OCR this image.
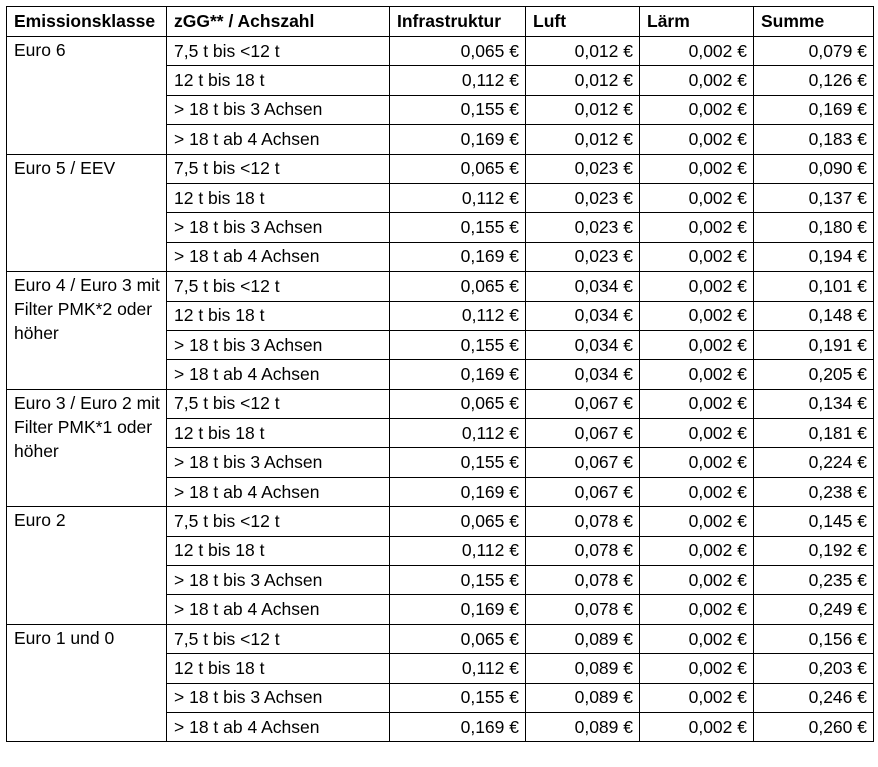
Emissionsklasse	zGG** / Achszahl	Infrastruktur	Luft	Lärm	Summe
Euro 6	7,5 t bis <12 t	0,065 €	0,012 €	0,002 €	0,079 €
	12 t bis 18 t	0,112 €	0,012 €	0,002 €	0,126 €
	> 18 t bis 3 Achsen	0,155 €	0,012 €	0,002 €	0,169 €
	> 18 t ab 4 Achsen	0,169 €	0,012 €	0,002 €	0,183 €
Euro 5 / EEV	7,5 t bis <12 t	0,065 €	0,023 €	0,002 €	0,090 €
	12 t bis 18 t	0,112 €	0,023 €	0,002 €	0,137 €
	> 18 t bis 3 Achsen	0,155 €	0,023 €	0,002 €	0,180 €
	> 18 t ab 4 Achsen	0,169 €	0,023 €	0,002 €	0,194 €
Euro 4 / Euro 3 mit Filter PMK*2 oder höher	7,5 t bis <12 t	0,065 €	0,034 €	0,002 €	0,101 €
	12 t bis 18 t	0,112 €	0,034 €	0,002 €	0,148 €
	> 18 t bis 3 Achsen	0,155 €	0,034 €	0,002 €	0,191 €
	> 18 t ab 4 Achsen	0,169 €	0,034 €	0,002 €	0,205 €
Euro 3 / Euro 2 mit Filter PMK*1 oder höher	7,5 t bis <12 t	0,065 €	0,067 €	0,002 €	0,134 €
	12 t bis 18 t	0,112 €	0,067 €	0,002 €	0,181 €
	> 18 t bis 3 Achsen	0,155 €	0,067 €	0,002 €	0,224 €
	> 18 t ab 4 Achsen	0,169 €	0,067 €	0,002 €	0,238 €
Euro 2	7,5 t bis <12 t	0,065 €	0,078 €	0,002 €	0,145 €
	12 t bis 18 t	0,112 €	0,078 €	0,002 €	0,192 €
	> 18 t bis 3 Achsen	0,155 €	0,078 €	0,002 €	0,235 €
	> 18 t ab 4 Achsen	0,169 €	0,078 €	0,002 €	0,249 €
Euro 1 und 0	7,5 t bis <12 t	0,065 €	0,089 €	0,002 €	0,156 €
	12 t bis 18 t	0,112 €	0,089 €	0,002 €	0,203 €
	> 18 t bis 3 Achsen	0,155 €	0,089 €	0,002 €	0,246 €
	> 18 t ab 4 Achsen	0,169 €	0,089 €	0,002 €	0,260 €
